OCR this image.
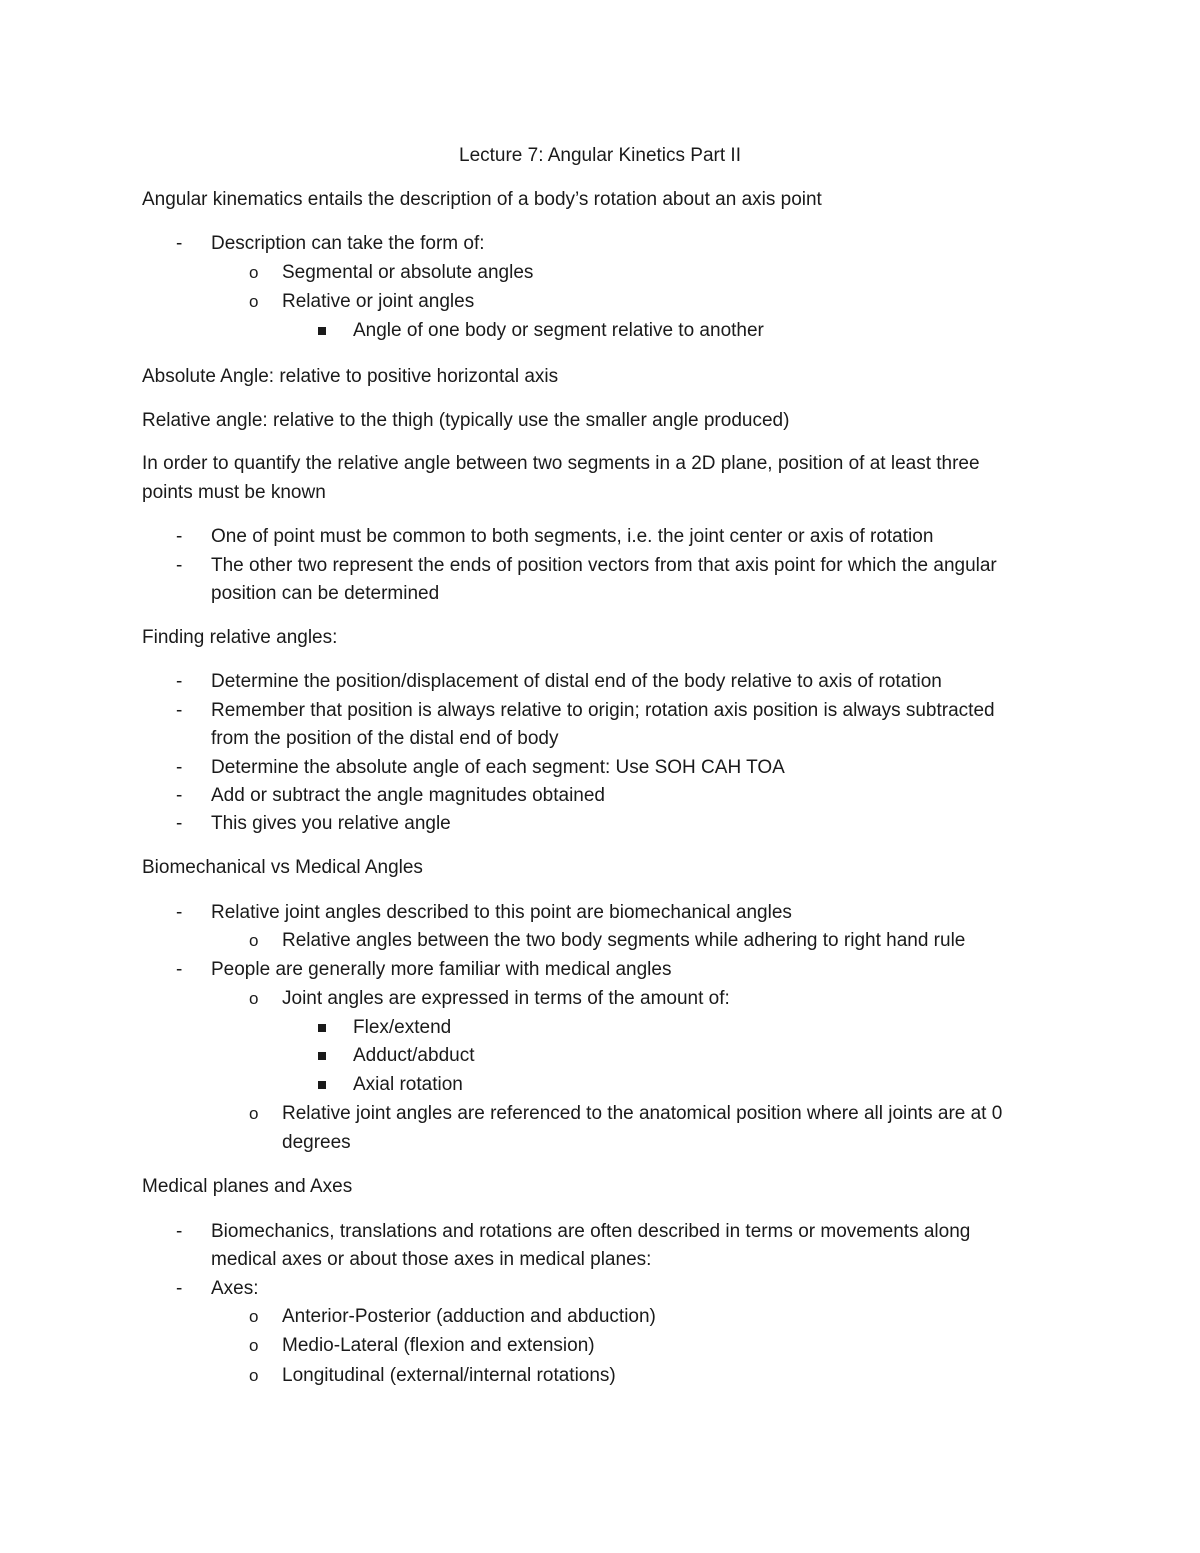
Lecture 7: Angular Kinetics Part II

Angular kinematics entails the description of a body’s rotation about an axis point

- Description can take the form of:

o Segmental or absolute angles

o Relative or joint angles

Angle of one body or segment relative to another

Absolute Angle: relative to positive horizontal axis

Relative angle: relative to the thigh (typically use the smaller angle produced)

In order to quantify the relative angle between two segments in a 2D plane, position of at least three

points must be known

- One of point must be common to both segments, i.e. the joint center or axis of rotation

- The other two represent the ends of position vectors from that axis point for which the angular

position can be determined

Finding relative angles:

- Determine the position/displacement of distal end of the body relative to axis of rotation

- Remember that position is always relative to origin; rotation axis position is always subtracted

from the position of the distal end of body

- Determine the absolute angle of each segment: Use SOH CAH TOA

- Add or subtract the angle magnitudes obtained

- This gives you relative angle

Biomechanical vs Medical Angles

- Relative joint angles described to this point are biomechanical angles

o Relative angles between the two body segments while adhering to right hand rule

- People are generally more familiar with medical angles

o Joint angles are expressed in terms of the amount of:

Flex/extend

Adduct/abduct

Axial rotation

o Relative joint angles are referenced to the anatomical position where all joints are at 0

degrees

Medical planes and Axes

- Biomechanics, translations and rotations are often described in terms or movements along

medical axes or about those axes in medical planes:

- Axes:

o Anterior-Posterior (adduction and abduction)

o Medio-Lateral (flexion and extension)

o Longitudinal (external/internal rotations)
